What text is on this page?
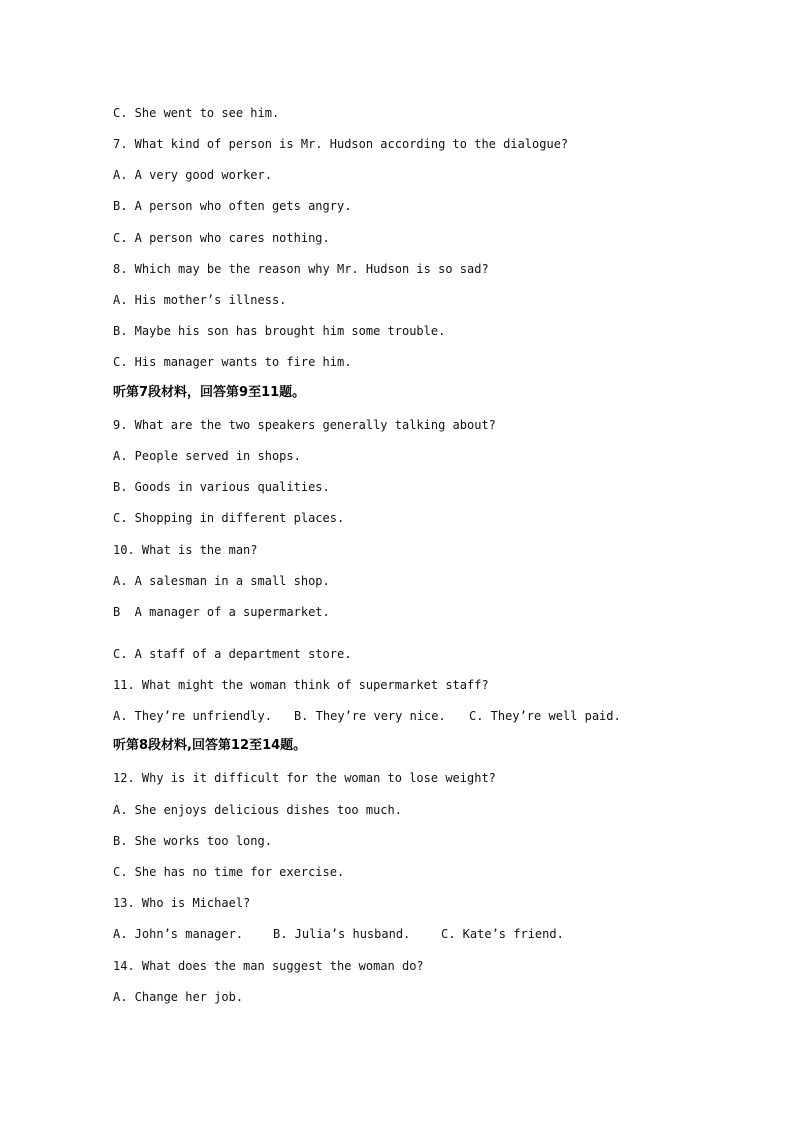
C. She went to see him.
7. What kind of person is Mr. Hudson according to the dialogue?
A. A very good worker.
B. A person who often gets angry.
C. A person who cares nothing.
8. Which may be the reason why Mr. Hudson is so sad?
A. His mother’s illness.
B. Maybe his son has brought him some trouble.
C. His manager wants to fire him.
听第7段材料，回答第9至11题。
9. What are the two speakers generally talking about?
A. People served in shops.
B. Goods in various qualities.
C. Shopping in different places.
10. What is the man?
A. A salesman in a small shop.
B  A manager of a supermarket.
C. A staff of a department store.
11. What might the woman think of supermarket staff?
A. They’re unfriendly. B. They’re very nice. C. They’re well paid.
听第8段材料,回答第12至14题。
12. Why is it difficult for the woman to lose weight?
A. She enjoys delicious dishes too much.
B. She works too long.
C. She has no time for exercise.
13. Who is Michael?
A. John’s manager. B. Julia’s husband.	C. Kate’s friend.
14. What does the man suggest the woman do?
A. Change her job.
